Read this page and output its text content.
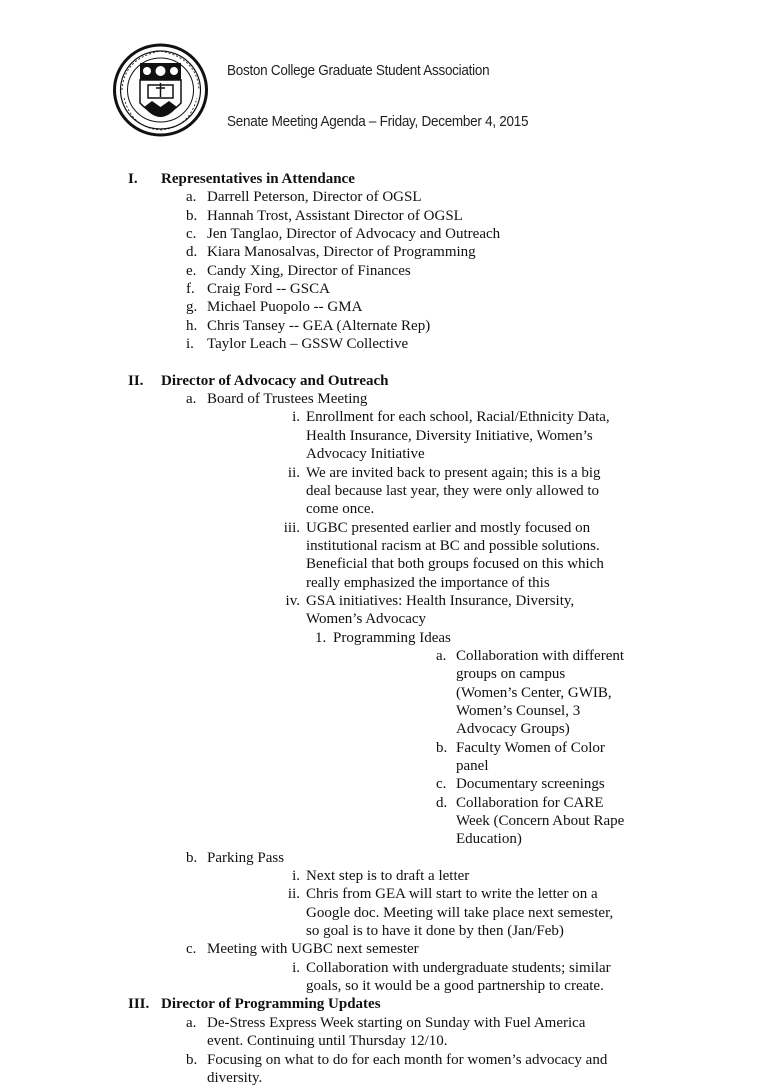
Boston College Graduate Student Association
Senate Meeting Agenda – Friday, December 4, 2015
I. Representatives in Attendance
a. Darrell Peterson, Director of OGSL
b. Hannah Trost, Assistant Director of OGSL
c. Jen Tanglao, Director of Advocacy and Outreach
d. Kiara Manosalvas, Director of Programming
e. Candy Xing, Director of Finances
f. Craig Ford -- GSCA
g. Michael Puopolo -- GMA
h. Chris Tansey -- GEA (Alternate Rep)
i. Taylor Leach – GSSW Collective
II. Director of Advocacy and Outreach
a. Board of Trustees Meeting
i. Enrollment for each school, Racial/Ethnicity Data, Health Insurance, Diversity Initiative, Women’s Advocacy Initiative
ii. We are invited back to present again; this is a big deal because last year, they were only allowed to come once.
iii. UGBC presented earlier and mostly focused on institutional racism at BC and possible solutions. Beneficial that both groups focused on this which really emphasized the importance of this
iv. GSA initiatives: Health Insurance, Diversity, Women’s Advocacy
1. Programming Ideas
a. Collaboration with different groups on campus (Women’s Center, GWIB, Women’s Counsel, 3 Advocacy Groups)
b. Faculty Women of Color panel
c. Documentary screenings
d. Collaboration for CARE Week (Concern About Rape Education)
b. Parking Pass
i. Next step is to draft a letter
ii. Chris from GEA will start to write the letter on a Google doc. Meeting will take place next semester, so goal is to have it done by then (Jan/Feb)
c. Meeting with UGBC next semester
i. Collaboration with undergraduate students; similar goals, so it would be a good partnership to create.
III. Director of Programming Updates
a. De-Stress Express Week starting on Sunday with Fuel America event. Continuing until Thursday 12/10.
b. Focusing on what to do for each month for women’s advocacy and diversity.
